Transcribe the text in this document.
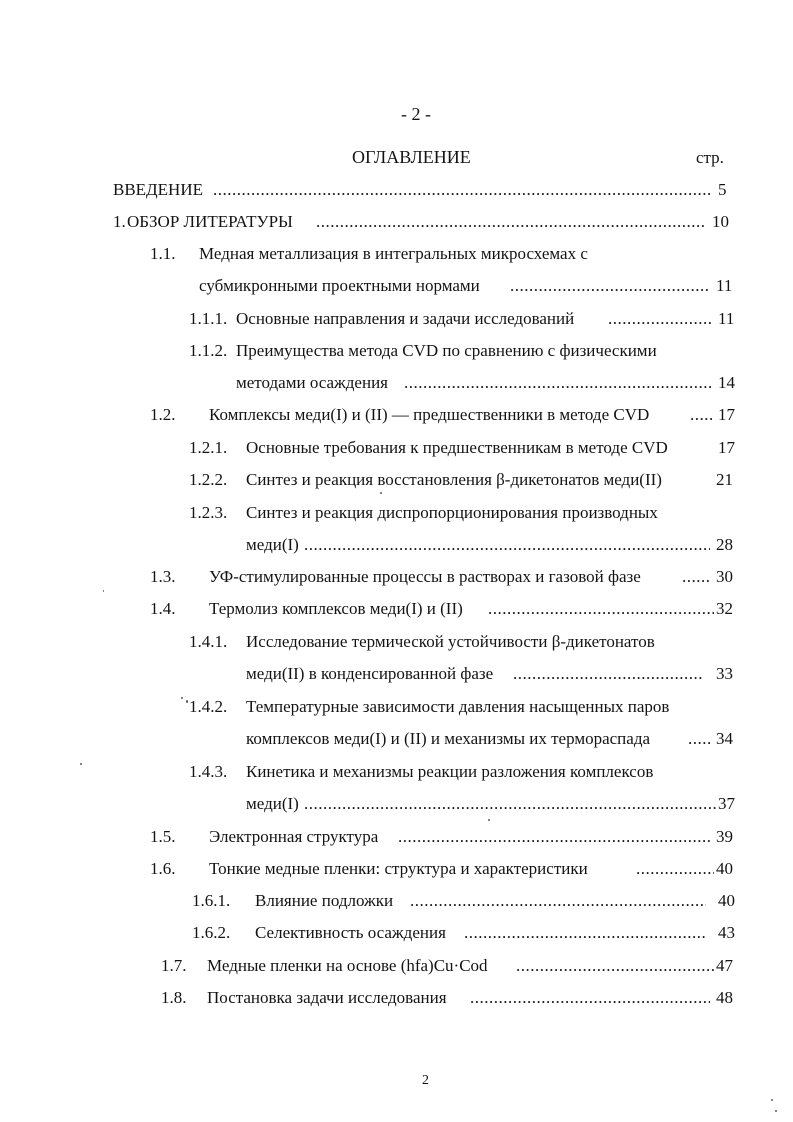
- 2 -
ОГЛАВЛЕНИЕ	стр.
ВВЕДЕНИЕ .....	5
1. ОБЗОР ЛИТЕРАТУРЫ .....	10
1.1. Медная металлизация в интегральных микросхемах с
субмикронными проектными нормами .....	11
1.1.1. Основные направления и задачи исследований .....	11
1.1.2. Преимущества метода CVD по сравнению с физическими
методами осаждения .....	14
1.2. Комплексы меди(I) и (II) — предшественники в методе CVD .....	17
1.2.1. Основные требования к предшественникам в методе CVD	17
1.2.2. Синтез и реакция восстановления β-дикетонатов меди(II)	21
1.2.3. Синтез и реакция диспропорционирования производных
меди(I) .....	28
1.3. УФ-стимулированные процессы в растворах и газовой фазе .....	30
1.4. Термолиз комплексов меди(I) и (II) .....	32
1.4.1. Исследование термической устойчивости β-дикетонатов
меди(II) в конденсированной фазе .....	33
1.4.2. Температурные зависимости давления насыщенных паров
комплексов меди(I) и (II) и механизмы их термораспада .....	34
1.4.3. Кинетика и механизмы реакции разложения комплексов
меди(I) .....	37
1.5. Электронная структура .....	39
1.6. Тонкие медные пленки: структура и характеристики .....	40
1.6.1. Влияние подложки .....	40
1.6.2. Селективность осаждения .....	43
1.7. Медные пленки на основе (hfa)Cu·Cod .....	47
1.8. Постановка задачи исследования .....	48
2
